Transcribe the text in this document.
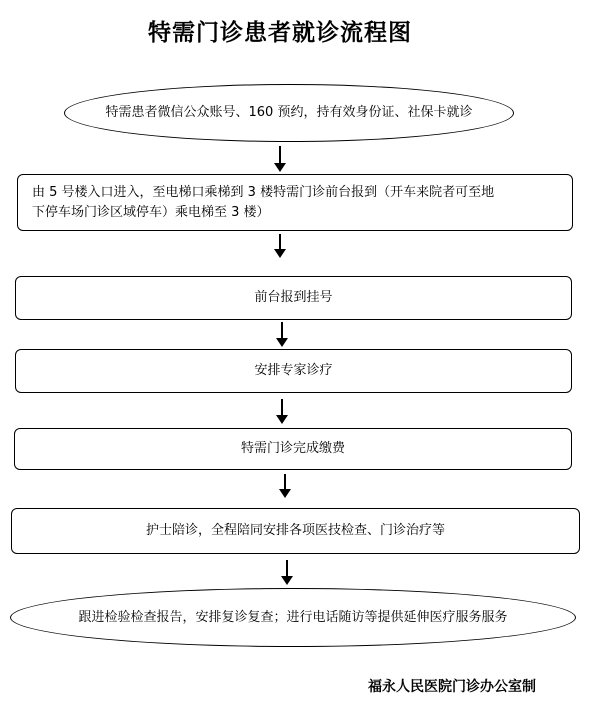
特需门诊患者就诊流程图
特需患者微信公众账号、160 预约，持有效身份证、社保卡就诊
由 5 号楼入口进入，至电梯口乘梯到 3 楼特需门诊前台报到（开车来院者可至地下停车场门诊区域停车）乘电梯至 3 楼）
前台报到挂号
安排专家诊疗
特需门诊完成缴费
护士陪诊，全程陪同安排各项医技检查、门诊治疗等
跟进检验检查报告，安排复诊复查；进行电话随访等提供延伸医疗服务服务
福永人民医院门诊办公室制
